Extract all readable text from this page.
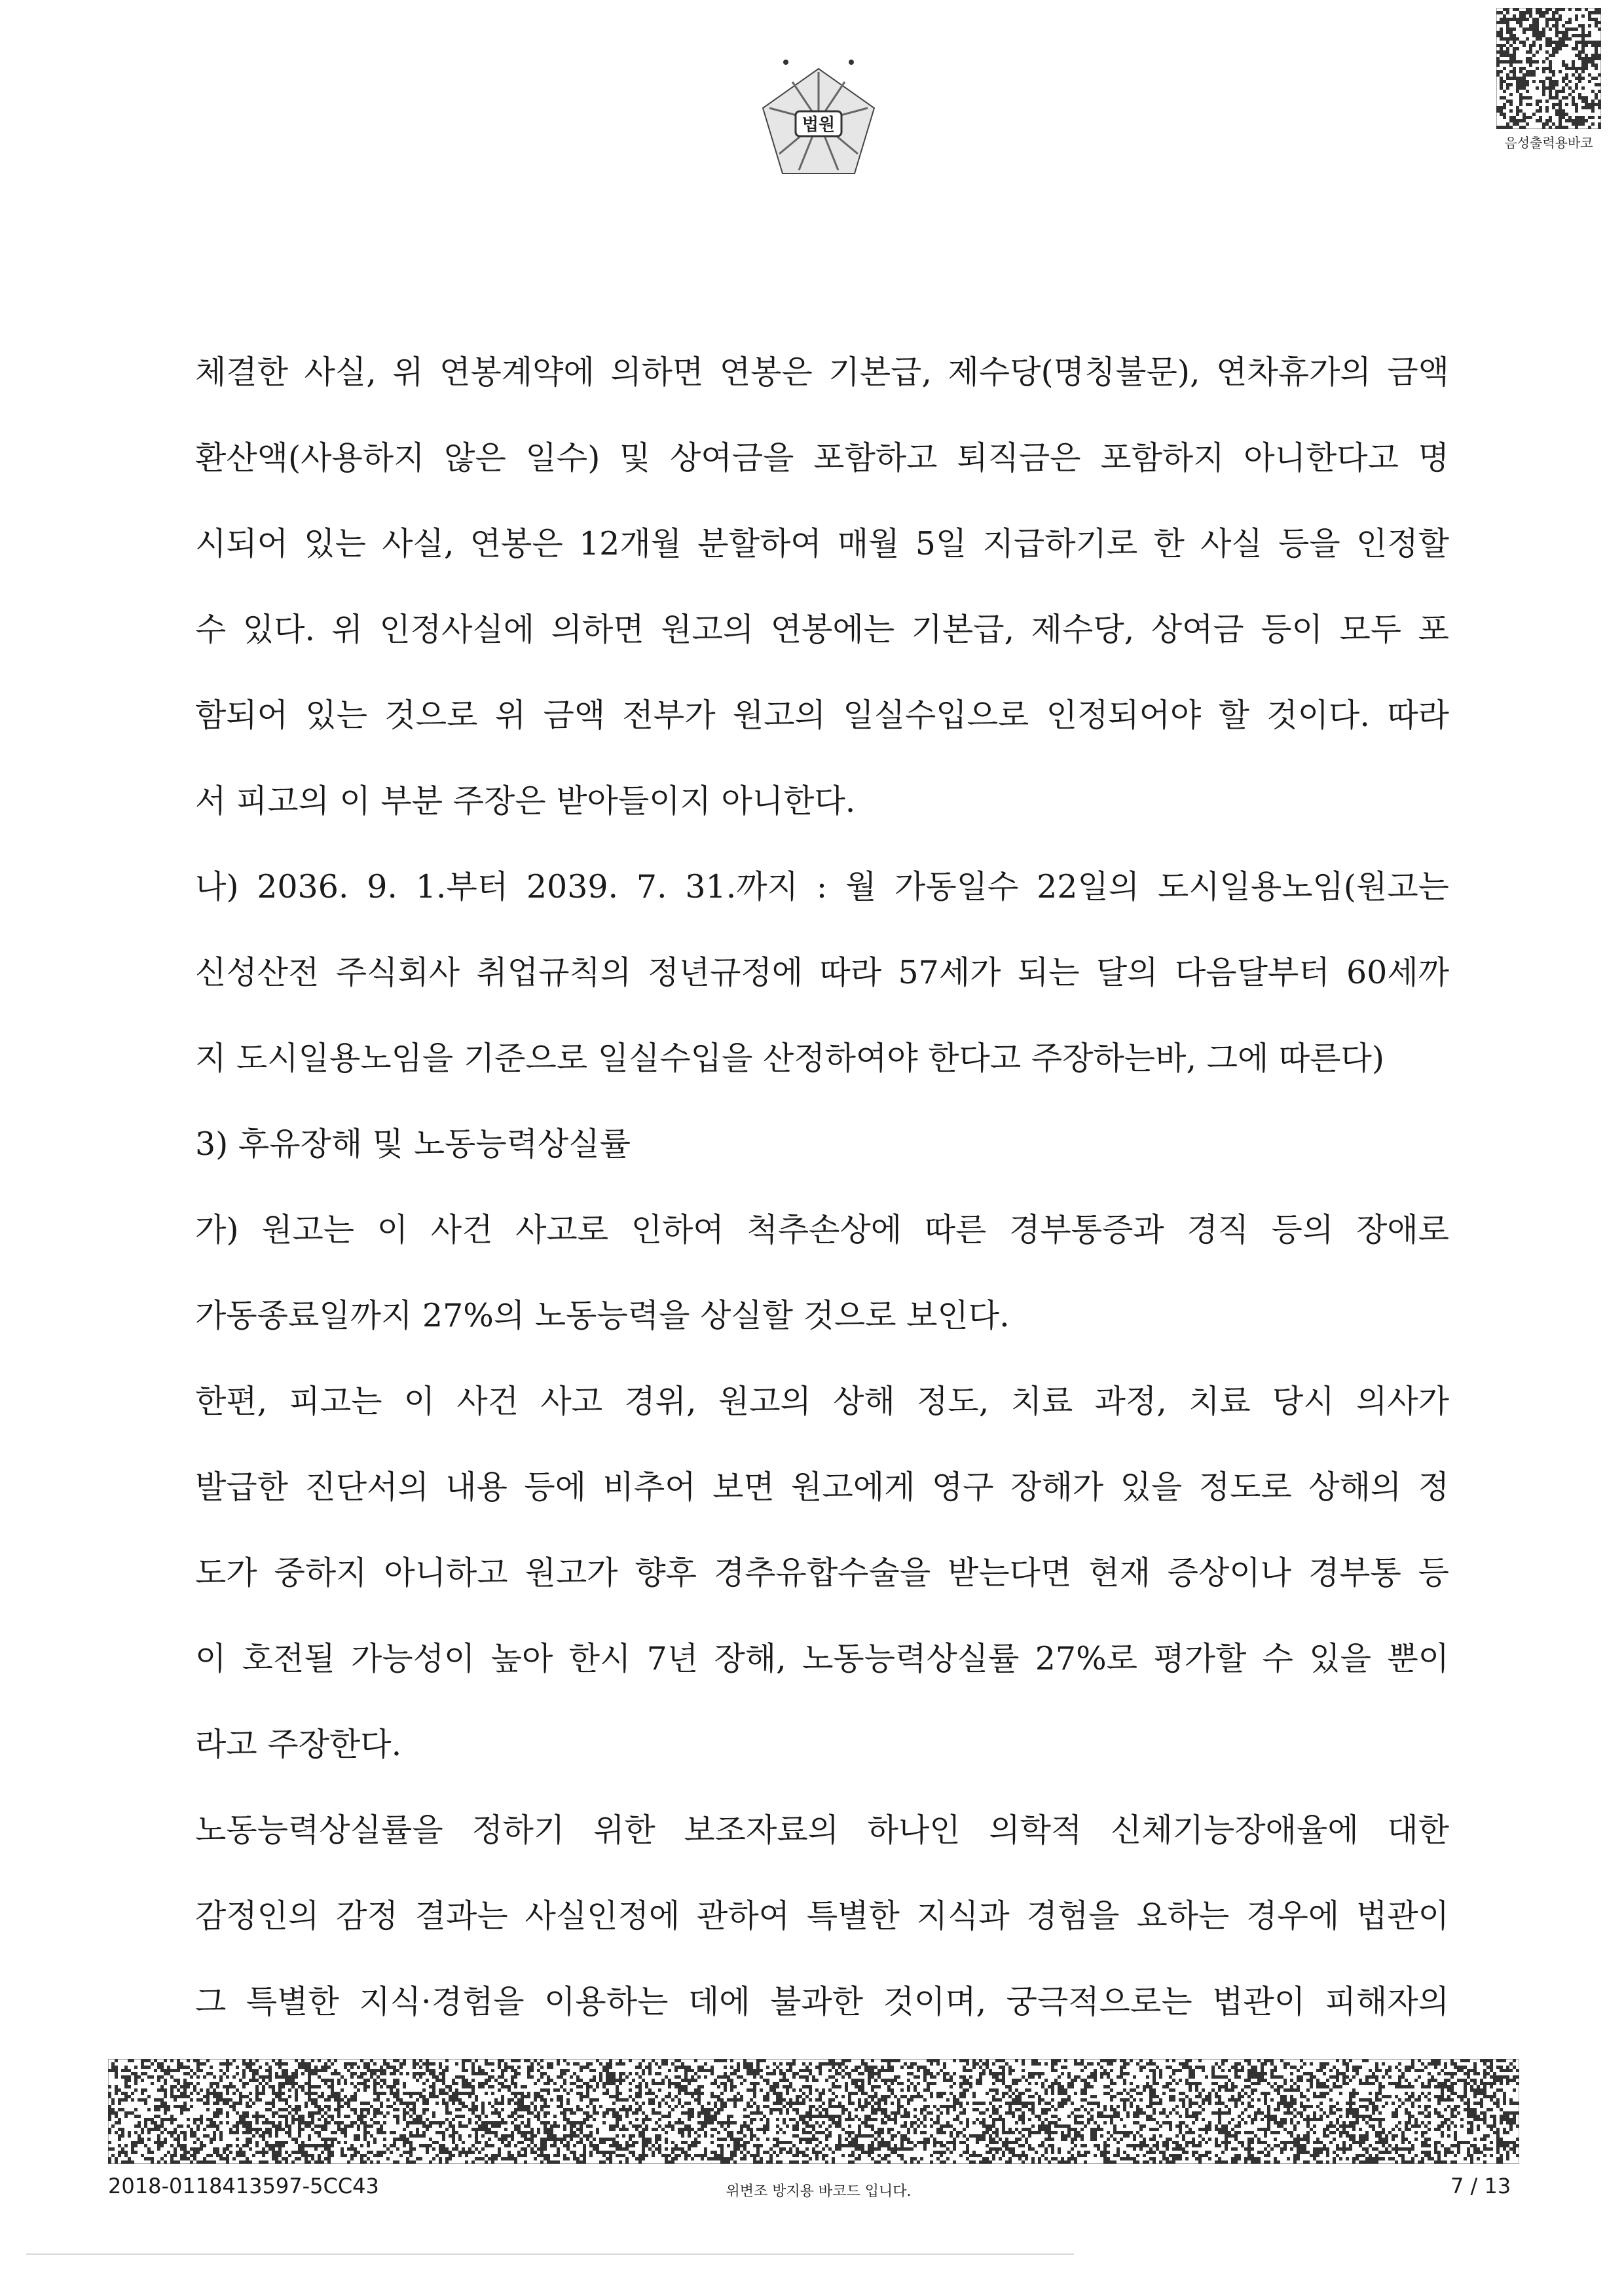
법원
음성출력용바코
체결한 사실, 위 연봉계약에 의하면 연봉은 기본급, 제수당(명칭불문), 연차휴가의 금액
환산액(사용하지 않은 일수) 및 상여금을 포함하고 퇴직금은 포함하지 아니한다고 명
시되어 있는 사실, 연봉은 12개월 분할하여 매월 5일 지급하기로 한 사실 등을 인정할
수 있다. 위 인정사실에 의하면 원고의 연봉에는 기본급, 제수당, 상여금 등이 모두 포
함되어 있는 것으로 위 금액 전부가 원고의 일실수입으로 인정되어야 할 것이다. 따라
서 피고의 이 부분 주장은 받아들이지 아니한다.
나) 2036. 9. 1.부터 2039. 7. 31.까지 : 월 가동일수 22일의 도시일용노임(원고는
신성산전 주식회사 취업규칙의 정년규정에 따라 57세가 되는 달의 다음달부터 60세까
지 도시일용노임을 기준으로 일실수입을 산정하여야 한다고 주장하는바, 그에 따른다)
3) 후유장해 및 노동능력상실률
가) 원고는 이 사건 사고로 인하여 척추손상에 따른 경부통증과 경직 등의 장애로
가동종료일까지 27%의 노동능력을 상실할 것으로 보인다.
한편, 피고는 이 사건 사고 경위, 원고의 상해 정도, 치료 과정, 치료 당시 의사가
발급한 진단서의 내용 등에 비추어 보면 원고에게 영구 장해가 있을 정도로 상해의 정
도가 중하지 아니하고 원고가 향후 경추유합수술을 받는다면 현재 증상이나 경부통 등
이 호전될 가능성이 높아 한시 7년 장해, 노동능력상실률 27%로 평가할 수 있을 뿐이
라고 주장한다.
노동능력상실률을 정하기 위한 보조자료의 하나인 의학적 신체기능장애율에 대한
감정인의 감정 결과는 사실인정에 관하여 특별한 지식과 경험을 요하는 경우에 법관이
그 특별한 지식·경험을 이용하는 데에 불과한 것이며, 궁극적으로는 법관이 피해자의
2018-0118413597-5CC43	위변조 방지용 바코드 입니다.	7 / 13
